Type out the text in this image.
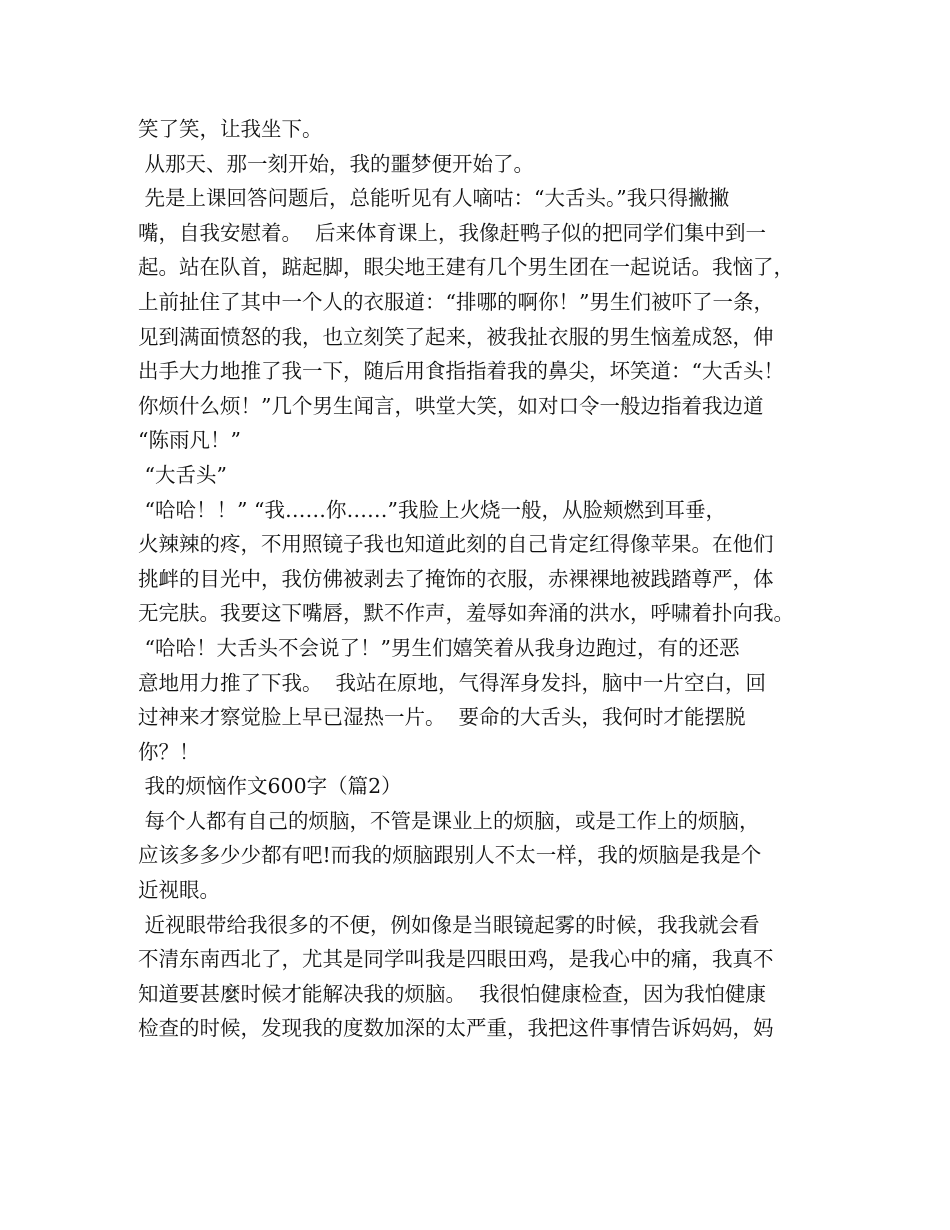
笑了笑，让我坐下。
从那天、那一刻开始，我的噩梦便开始了。
先是上课回答问题后，总能听见有人嘀咕：“大舌头。”我只得撇撇
嘴，自我安慰着。  后来体育课上，我像赶鸭子似的把同学们集中到一
起。站在队首，踮起脚，眼尖地王建有几个男生团在一起说话。我恼了，
上前扯住了其中一个人的衣服道：“排哪的啊你！”男生们被吓了一条，
见到满面愤怒的我，也立刻笑了起来，被我扯衣服的男生恼羞成怒，伸
出手大力地推了我一下，随后用食指指着我的鼻尖，坏笑道：“大舌头！
你烦什么烦！”几个男生闻言，哄堂大笑，如对口令一般边指着我边道
“陈雨凡！”
“大舌头”
“哈哈！！” “我……你……”我脸上火烧一般，从脸颊燃到耳垂，
火辣辣的疼，不用照镜子我也知道此刻的自己肯定红得像苹果。在他们
挑衅的目光中，我仿佛被剥去了掩饰的衣服，赤裸裸地被践踏尊严，体
无完肤。我要这下嘴唇，默不作声，羞辱如奔涌的洪水，呼啸着扑向我。
“哈哈！大舌头不会说了！”男生们嬉笑着从我身边跑过，有的还恶
意地用力推了下我。  我站在原地，气得浑身发抖，脑中一片空白，回
过神来才察觉脸上早已湿热一片。  要命的大舌头，我何时才能摆脱
你？！
我的烦恼作文600字（篇2）
每个人都有自己的烦脑，不管是课业上的烦脑，或是工作上的烦脑，
应该多多少少都有吧!而我的烦脑跟别人不太一样，我的烦脑是我是个
近视眼。
近视眼带给我很多的不便，例如像是当眼镜起雾的时候，我我就会看
不清东南西北了，尤其是同学叫我是四眼田鸡，是我心中的痛，我真不
知道要甚麼时候才能解决我的烦脑。  我很怕健康检查，因为我怕健康
检查的时候，发现我的度数加深的太严重，我把这件事情告诉妈妈，妈
